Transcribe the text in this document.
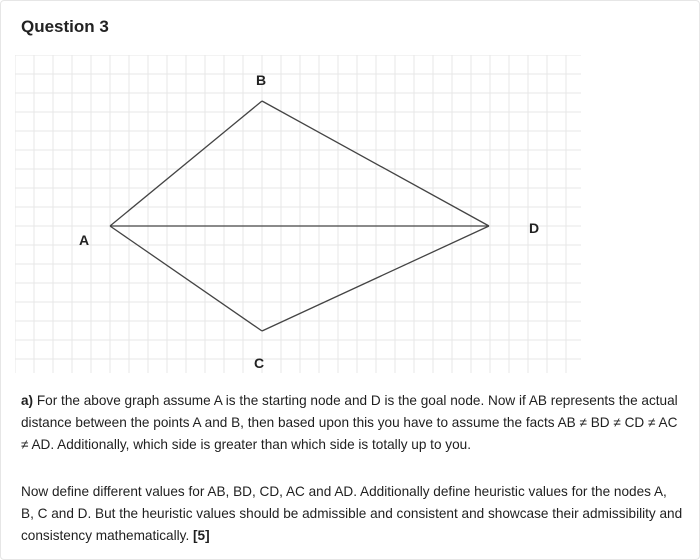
Question 3
B
A
D
C
a) For the above graph assume A is the starting node and D is the goal node. Now if AB represents the actual distance between the points A and B, then based upon this you have to assume the facts AB ≠ BD ≠ CD ≠ AC ≠ AD. Additionally, which side is greater than which side is totally up to you.
Now define different values for AB, BD, CD, AC and AD. Additionally define heuristic values for the nodes A, B, C and D. But the heuristic values should be admissible and consistent and showcase their admissibility and consistency mathematically. [5]
